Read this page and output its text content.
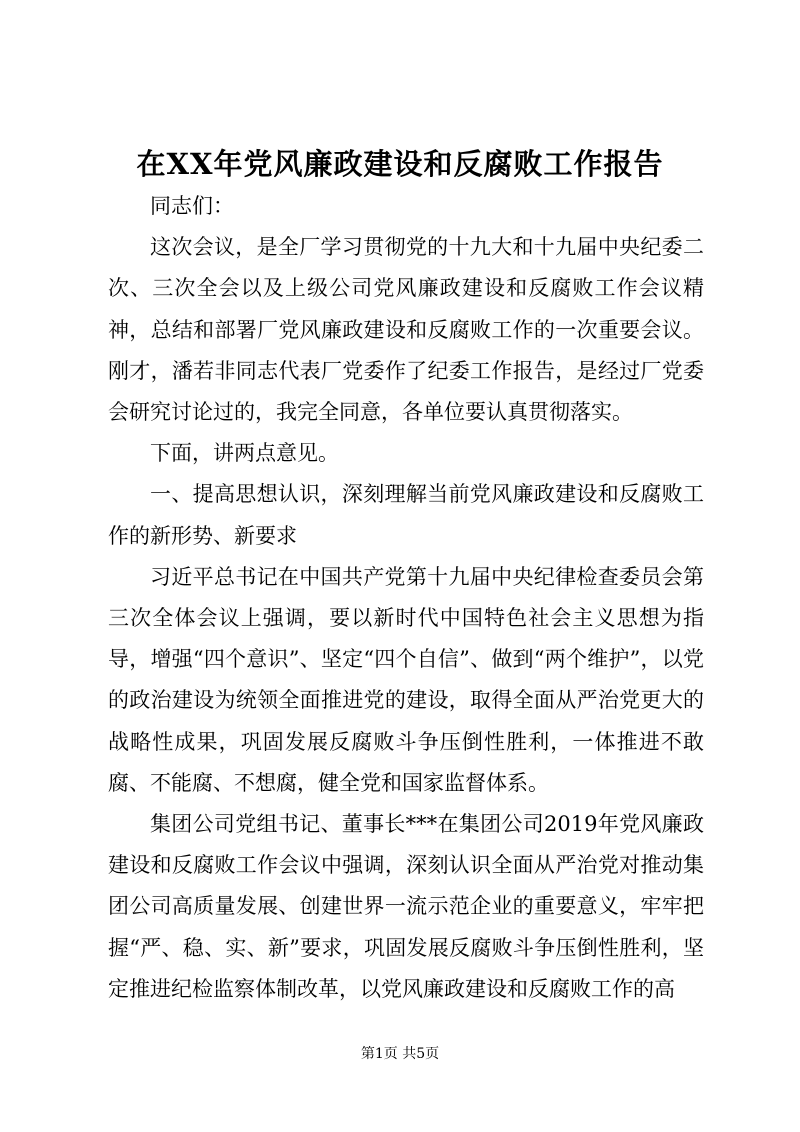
在XX年党风廉政建设和反腐败工作报告

同志们：

这次会议，是全厂学习贯彻党的十九大和十九届中央纪委二次、三次全会以及上级公司党风廉政建设和反腐败工作会议精神，总结和部署厂党风廉政建设和反腐败工作的一次重要会议。刚才，潘若非同志代表厂党委作了纪委工作报告，是经过厂党委会研究讨论过的，我完全同意，各单位要认真贯彻落实。

下面，讲两点意见。

一、提高思想认识，深刻理解当前党风廉政建设和反腐败工作的新形势、新要求

习近平总书记在中国共产党第十九届中央纪律检查委员会第三次全体会议上强调，要以新时代中国特色社会主义思想为指导，增强“四个意识”、坚定“四个自信”、做到“两个维护”，以党的政治建设为统领全面推进党的建设，取得全面从严治党更大的战略性成果，巩固发展反腐败斗争压倒性胜利，一体推进不敢腐、不能腐、不想腐，健全党和国家监督体系。

集团公司党组书记、董事长***在集团公司2019年党风廉政建设和反腐败工作会议中强调，深刻认识全面从严治党对推动集团公司高质量发展、创建世界一流示范企业的重要意义，牢牢把握“严、稳、实、新”要求，巩固发展反腐败斗争压倒性胜利，坚定推进纪检监察体制改革，以党风廉政建设和反腐败工作的高

第1页 共5页
